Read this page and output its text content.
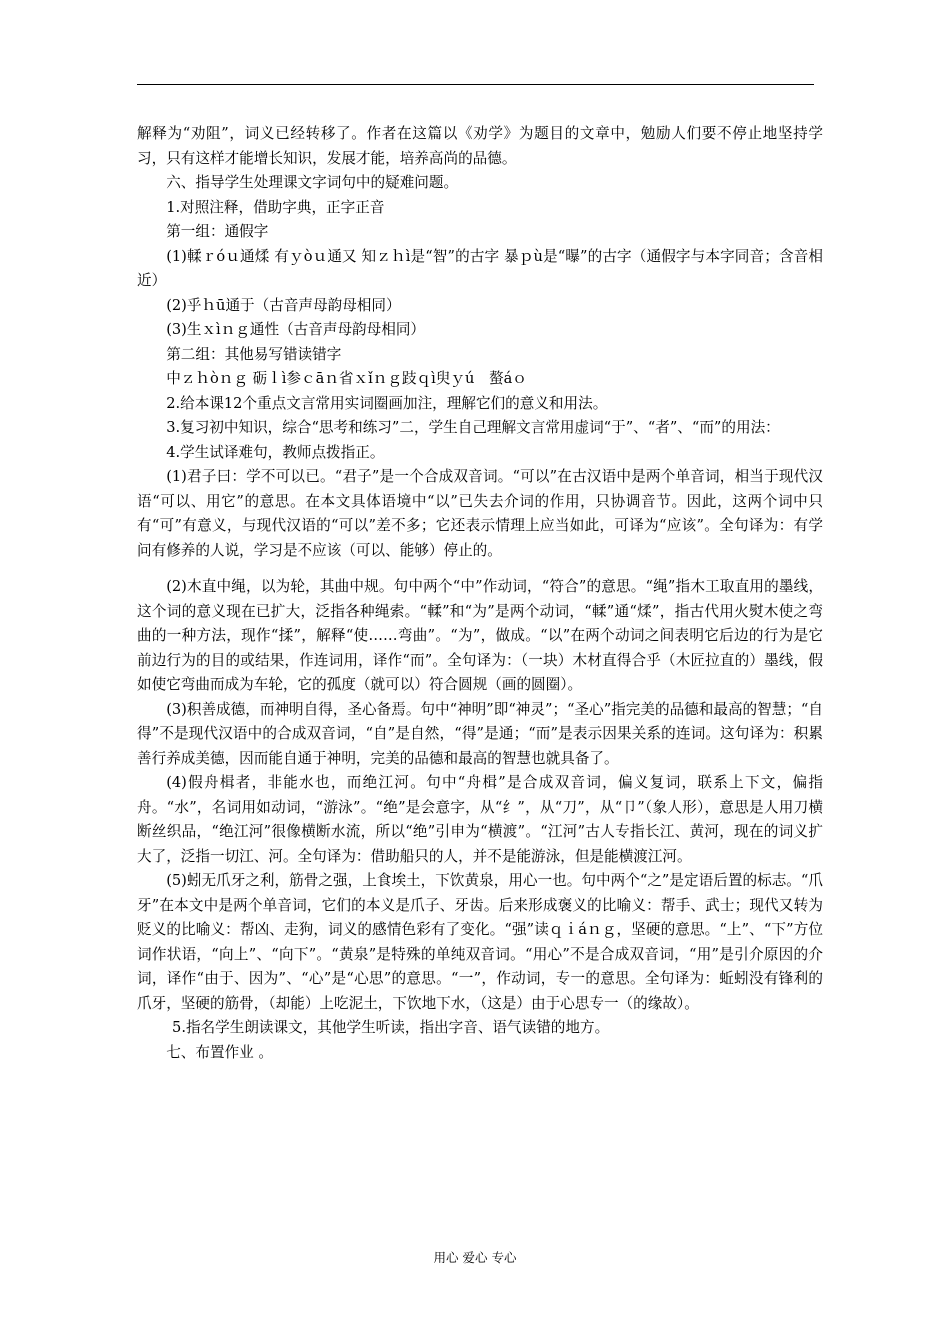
解释为“劝阻”，词义已经转移了。作者在这篇以《劝学》为题目的文章中，勉励人们要不停止地坚持学习，只有这样才能增长知识，发展才能，培养高尚的品德。

六、指导学生处理课文字词句中的疑难问题。

1.对照注释，借助字典，正字正音

第一组：通假字

(1)輮ｒóｕ通煣 有ｙòｕ通又 知ｚｈì是“智”的古字 暴ｐù是“曝”的古字（通假字与本字同音；含音相近）

(2)乎ｈū通于（古音声母韵母相同）

(3)生ｘìｎｇ通性（古音声母韵母相同）

第二组：其他易写错读错字

中ｚｈòｎｇ 砺ｌì参ｃāｎ省ｘǐｎｇ跂ｑì臾ｙú　螯áｏ

2.给本课12个重点文言常用实词圈画加注，理解它们的意义和用法。

3.复习初中知识，综合“思考和练习”二，学生自己理解文言常用虚词“于”、“者”、“而”的用法：

4.学生试译难句，教师点拨指正。

(1)君子曰：学不可以已。“君子”是一个合成双音词。“可以”在古汉语中是两个单音词，相当于现代汉语“可以、用它”的意思。在本文具体语境中“以”已失去介词的作用，只协调音节。因此，这两个词中只有“可”有意义，与现代汉语的“可以”差不多；它还表示情理上应当如此，可译为“应该”。全句译为：有学问有修养的人说，学习是不应该（可以、能够）停止的。

(2)木直中绳，以为轮，其曲中规。句中两个“中”作动词，“符合”的意思。“绳”指木工取直用的墨线，这个词的意义现在已扩大，泛指各种绳索。“輮”和“为”是两个动词，“輮”通“煣”，指古代用火熨木使之弯曲的一种方法，现作“揉”，解释“使……弯曲”。“为”，做成。“以”在两个动词之间表明它后边的行为是它前边行为的目的或结果，作连词用，译作“而”。全句译为：（一块）木材直得合乎（木匠拉直的）墨线，假如使它弯曲而成为车轮，它的孤度（就可以）符合圆规（画的圆圈）。

(3)积善成德，而神明自得，圣心备焉。句中“神明”即“神灵”；“圣心”指完美的品德和最高的智慧；“自得”不是现代汉语中的合成双音词，“自”是自然，“得”是通；“而”是表示因果关系的连词。这句译为：积累善行养成美德，因而能自通于神明，完美的品德和最高的智慧也就具备了。

(4)假舟楫者，非能水也，而绝江河。句中“舟楫”是合成双音词，偏义复词，联系上下文，偏指舟。“水”，名词用如动词，“游泳”。“绝”是会意字，从“纟”，从“刀”，从“卩”（象人形），意思是人用刀横断丝织品，“绝江河”很像横断水流，所以“绝”引申为“横渡”。“江河”古人专指长江、黄河，现在的词义扩大了，泛指一切江、河。全句译为：借助船只的人，并不是能游泳，但是能横渡江河。

(5)蚓无爪牙之利，筋骨之强，上食埃土，下饮黄泉，用心一也。句中两个“之”是定语后置的标志。“爪牙”在本文中是两个单音词，它们的本义是爪子、牙齿。后来形成褒义的比喻义：帮手、武士；现代又转为贬义的比喻义：帮凶、走狗，词义的感情色彩有了变化。“强”读ｑｉáｎｇ，坚硬的意思。“上”、“下”方位词作状语，“向上”、“向下”。“黄泉”是特殊的单纯双音词。“用心”不是合成双音词，“用”是引介原因的介词，译作“由于、因为”、“心”是“心思”的意思。“一”，作动词，专一的意思。全句译为：蚯蚓没有锋利的爪牙，坚硬的筋骨，（却能）上吃泥土，下饮地下水，（这是）由于心思专一（的缘故）。

5.指名学生朗读课文，其他学生听读，指出字音、语气读错的地方。

七、布置作业 。

用心 爱心 专心
